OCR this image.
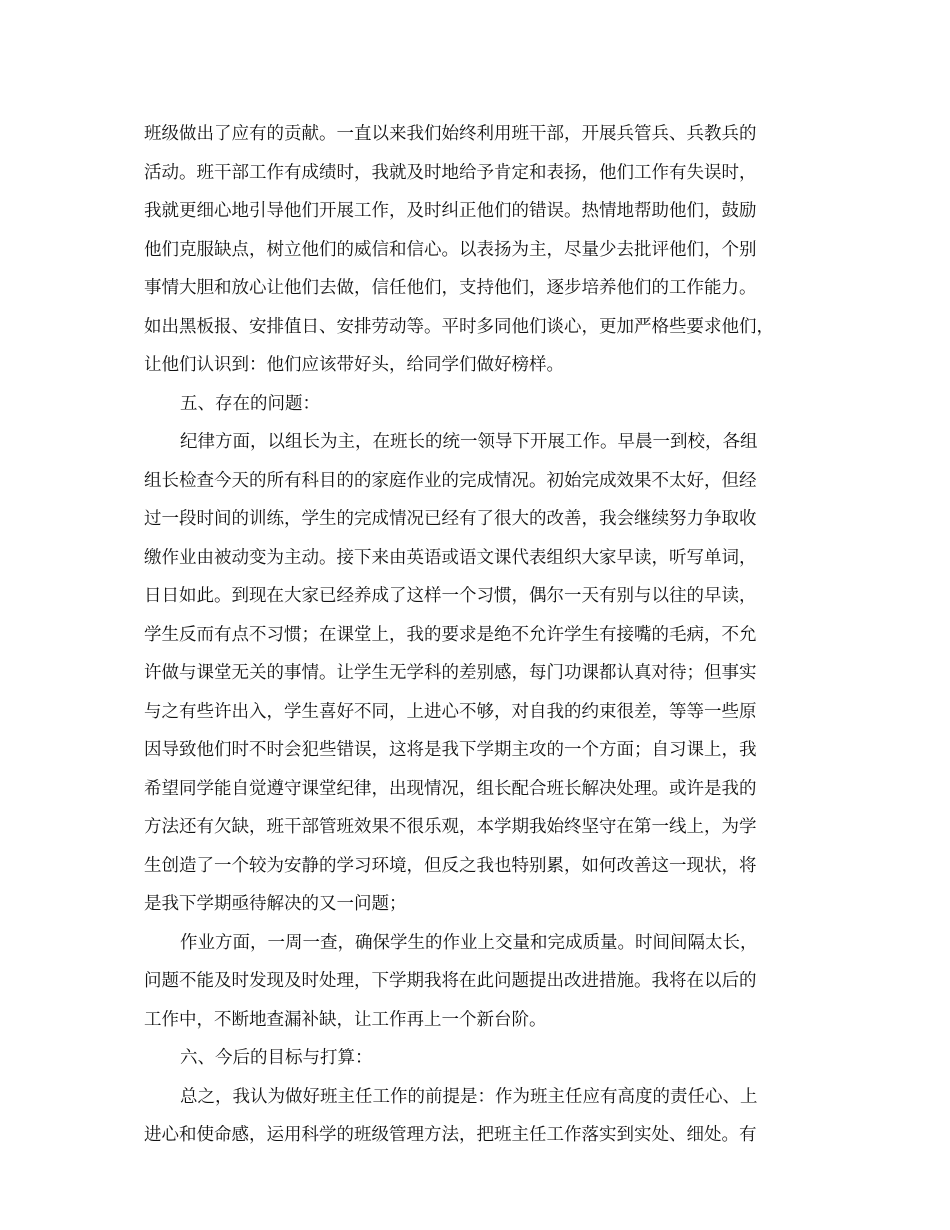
班级做出了应有的贡献。一直以来我们始终利用班干部，开展兵管兵、兵教兵的
活动。班干部工作有成绩时，我就及时地给予肯定和表扬，他们工作有失误时，
我就更细心地引导他们开展工作，及时纠正他们的错误。热情地帮助他们，鼓励
他们克服缺点，树立他们的威信和信心。以表扬为主，尽量少去批评他们，个别
事情大胆和放心让他们去做，信任他们，支持他们，逐步培养他们的工作能力。
如出黑板报、安排值日、安排劳动等。平时多同他们谈心，更加严格些要求他们，
让他们认识到：他们应该带好头，给同学们做好榜样。
五、存在的问题：
纪律方面，以组长为主，在班长的统一领导下开展工作。早晨一到校，各组
组长检查今天的所有科目的的家庭作业的完成情况。初始完成效果不太好，但经
过一段时间的训练，学生的完成情况已经有了很大的改善，我会继续努力争取收
缴作业由被动变为主动。接下来由英语或语文课代表组织大家早读，听写单词，
日日如此。到现在大家已经养成了这样一个习惯，偶尔一天有别与以往的早读，
学生反而有点不习惯；在课堂上，我的要求是绝不允许学生有接嘴的毛病，不允
许做与课堂无关的事情。让学生无学科的差别感，每门功课都认真对待；但事实
与之有些许出入，学生喜好不同，上进心不够，对自我的约束很差，等等一些原
因导致他们时不时会犯些错误，这将是我下学期主攻的一个方面；自习课上，我
希望同学能自觉遵守课堂纪律，出现情况，组长配合班长解决处理。或许是我的
方法还有欠缺，班干部管班效果不很乐观，本学期我始终坚守在第一线上，为学
生创造了一个较为安静的学习环境，但反之我也特别累，如何改善这一现状，将
是我下学期亟待解决的又一问题；
作业方面，一周一查，确保学生的作业上交量和完成质量。时间间隔太长，
问题不能及时发现及时处理，下学期我将在此问题提出改进措施。我将在以后的
工作中，不断地查漏补缺，让工作再上一个新台阶。
六、今后的目标与打算：
总之，我认为做好班主任工作的前提是：作为班主任应有高度的责任心、上
进心和使命感，运用科学的班级管理方法，把班主任工作落实到实处、细处。有
